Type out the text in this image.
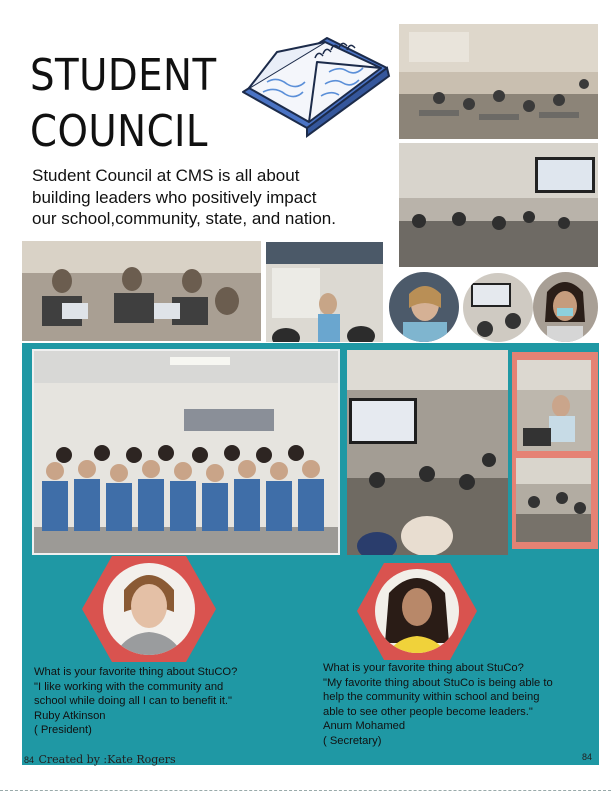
STUDENT
COUNCIL
Student Council at CMS is all about
building leaders who positively impact
our school,community, state, and nation.
What is your favorite thing about StuCO?
"I like working with the community and
school while doing all I can to benefit it."
Ruby Atkinson
( President)
What is your favorite thing about StuCo?
"My favorite thing about StuCo is being able to
help the community within school and being
able to see other people become leaders."
Anum Mohamed
( Secretary)
84 Created by :Kate Rogers	84
